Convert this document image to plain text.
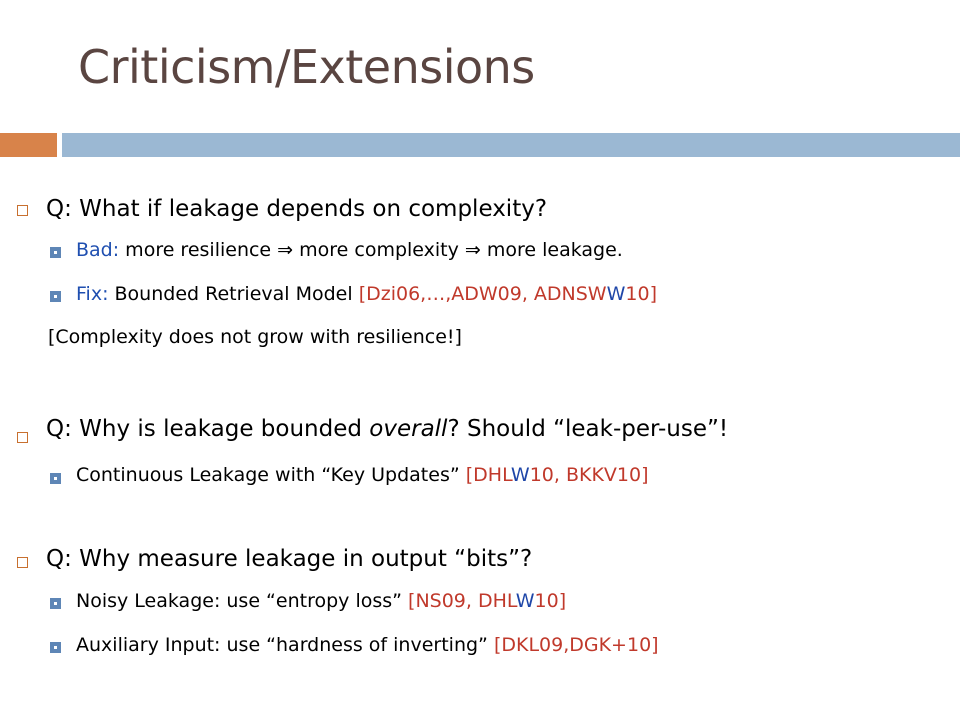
Criticism/Extensions
Q: What if leakage depends on complexity?
Bad: more resilience ⇒ more complexity ⇒ more leakage.
Fix: Bounded Retrieval Model [Dzi06,…,ADW09, ADNSWW10]
[Complexity does not grow with resilience!]
Q: Why is leakage bounded overall? Should “leak-per-use”!
Continuous Leakage with “Key Updates” [DHLW10, BKKV10]
Q: Why measure leakage in output “bits”?
Noisy Leakage: use “entropy loss” [NS09, DHLW10]
Auxiliary Input: use “hardness of inverting” [DKL09,DGK+10]
